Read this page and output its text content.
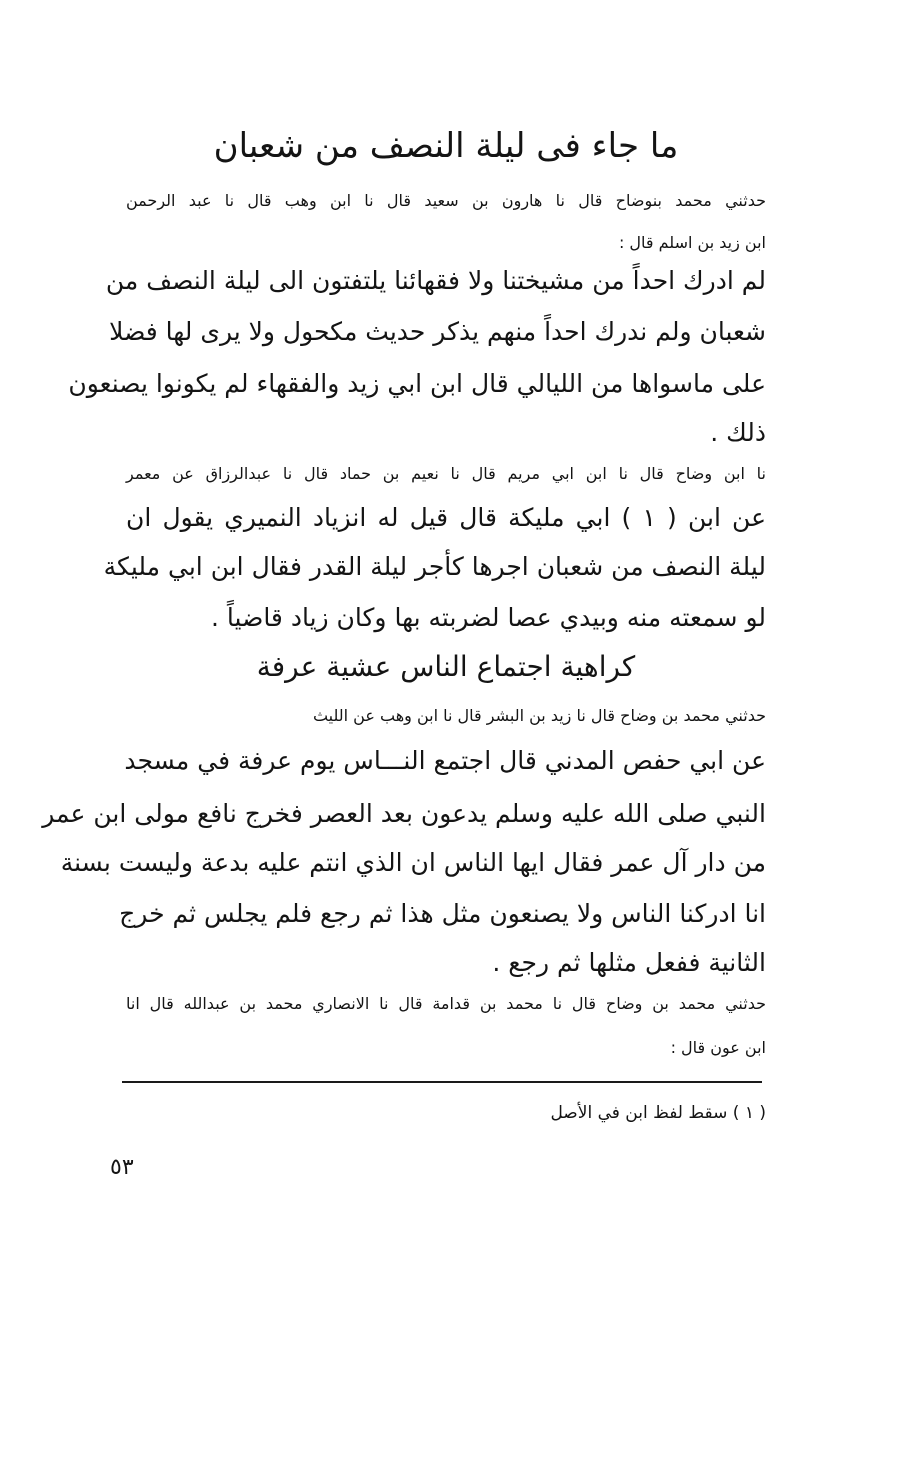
ما جاء فى ليلة النصف من شعبان
حدثني محمد بنوضاح قال نا هارون بن سعيد قال نا ابن وهب قال نا عبد الرحمن
ابن زيد بن اسلم قال :
لم ادرك احداً من مشيختنا ولا فقهائنا يلتفتون الى ليلة النصف من
شعبان ولم ندرك احداً منهم يذكر حديث مكحول ولا يرى لها فضلا
على ماسواها من الليالي قال ابن ابي زيد والفقهاء لم يكونوا يصنعون
ذلك .
نا ابن وضاح قال نا ابن ابي مريم قال نا نعيم بن حماد قال نا عبدالرزاق عن معمر
عن ابن ( ١ ) ابي مليكة قال قيل له انزياد النميري يقول ان
ليلة النصف من شعبان اجرها كأجر ليلة القدر فقال ابن ابي مليكة
لو سمعته منه وبيدي عصا لضربته بها وكان زياد قاضياً .
كراهية اجتماع الناس عشية عرفة
حدثني محمد بن وضاح قال نا زيد بن البشر قال نا ابن وهب عن الليث
عن ابي حفص المدني قال اجتمع النـــاس يوم عرفة في مسجد
النبي صلى الله عليه وسلم يدعون بعد العصر فخرج نافع مولى ابن عمر
من دار آل عمر فقال ايها الناس ان الذي انتم عليه بدعة وليست بسنة
انا ادركنا الناس ولا يصنعون مثل هذا ثم رجع فلم يجلس ثم خرج
الثانية ففعل مثلها ثم رجع .
حدثني محمد بن وضاح قال نا محمد بن قدامة قال نا الانصاري محمد بن عبدالله قال انا
ابن عون قال :
( ١ ) سقط لفظ ابن في الأصل
٥٣
